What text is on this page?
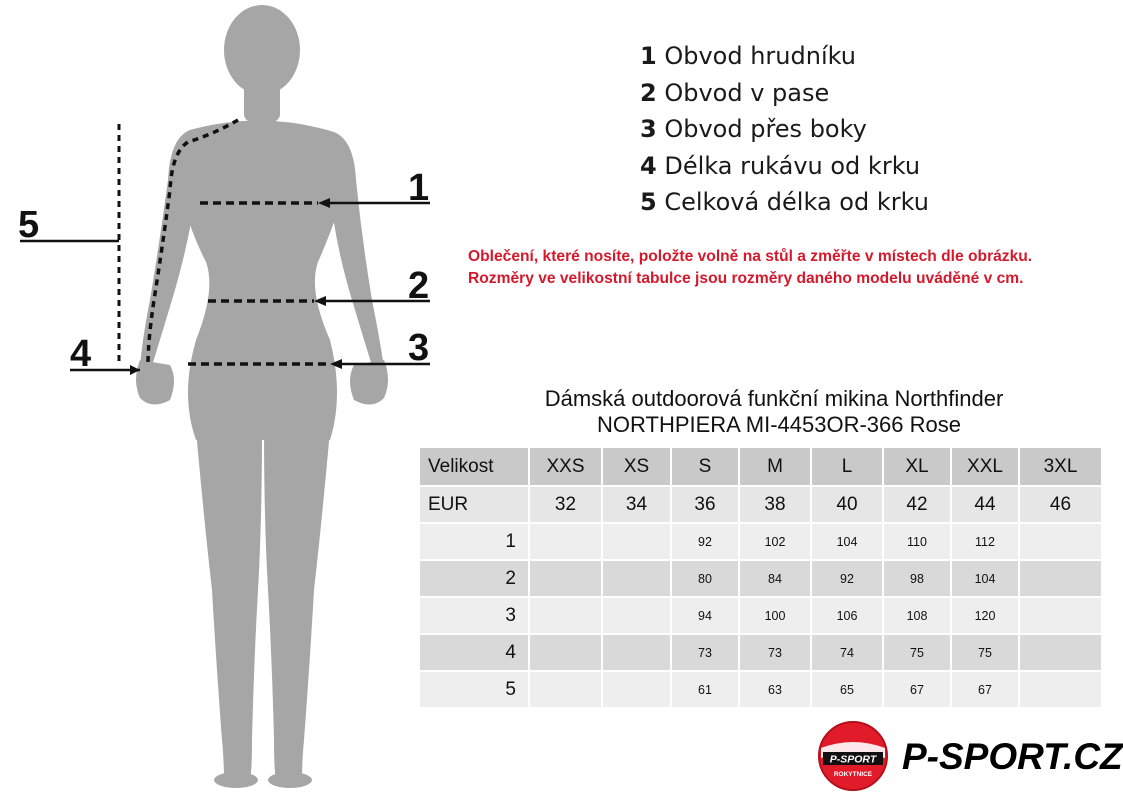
1
2
3
4
5
1 Obvod hrudníku
2 Obvod v pase
3 Obvod přes boky
4 Délka rukávu od krku
5 Celková délka od krku
Oblečení, které nosíte, položte volně na stůl a změřte v místech dle obrázku.
Rozměry ve velikostní tabulce jsou rozměry daného modelu uváděné v cm.
Dámská outdoorová funkční mikina Northfinder
NORTHPIERA MI-4453OR-366 Rose
Velikost	XXS	XS	S	M	L	XL	XXL	3XL
EUR	32	34	36	38	40	42	44	46
1			92	102	104	110	112	
2			80	84	92	98	104	
3			94	100	106	108	120	
4			73	73	74	75	75	
5			61	63	65	67	67	
P-SPORT
ROKYTNICE P-SPORT.CZ
